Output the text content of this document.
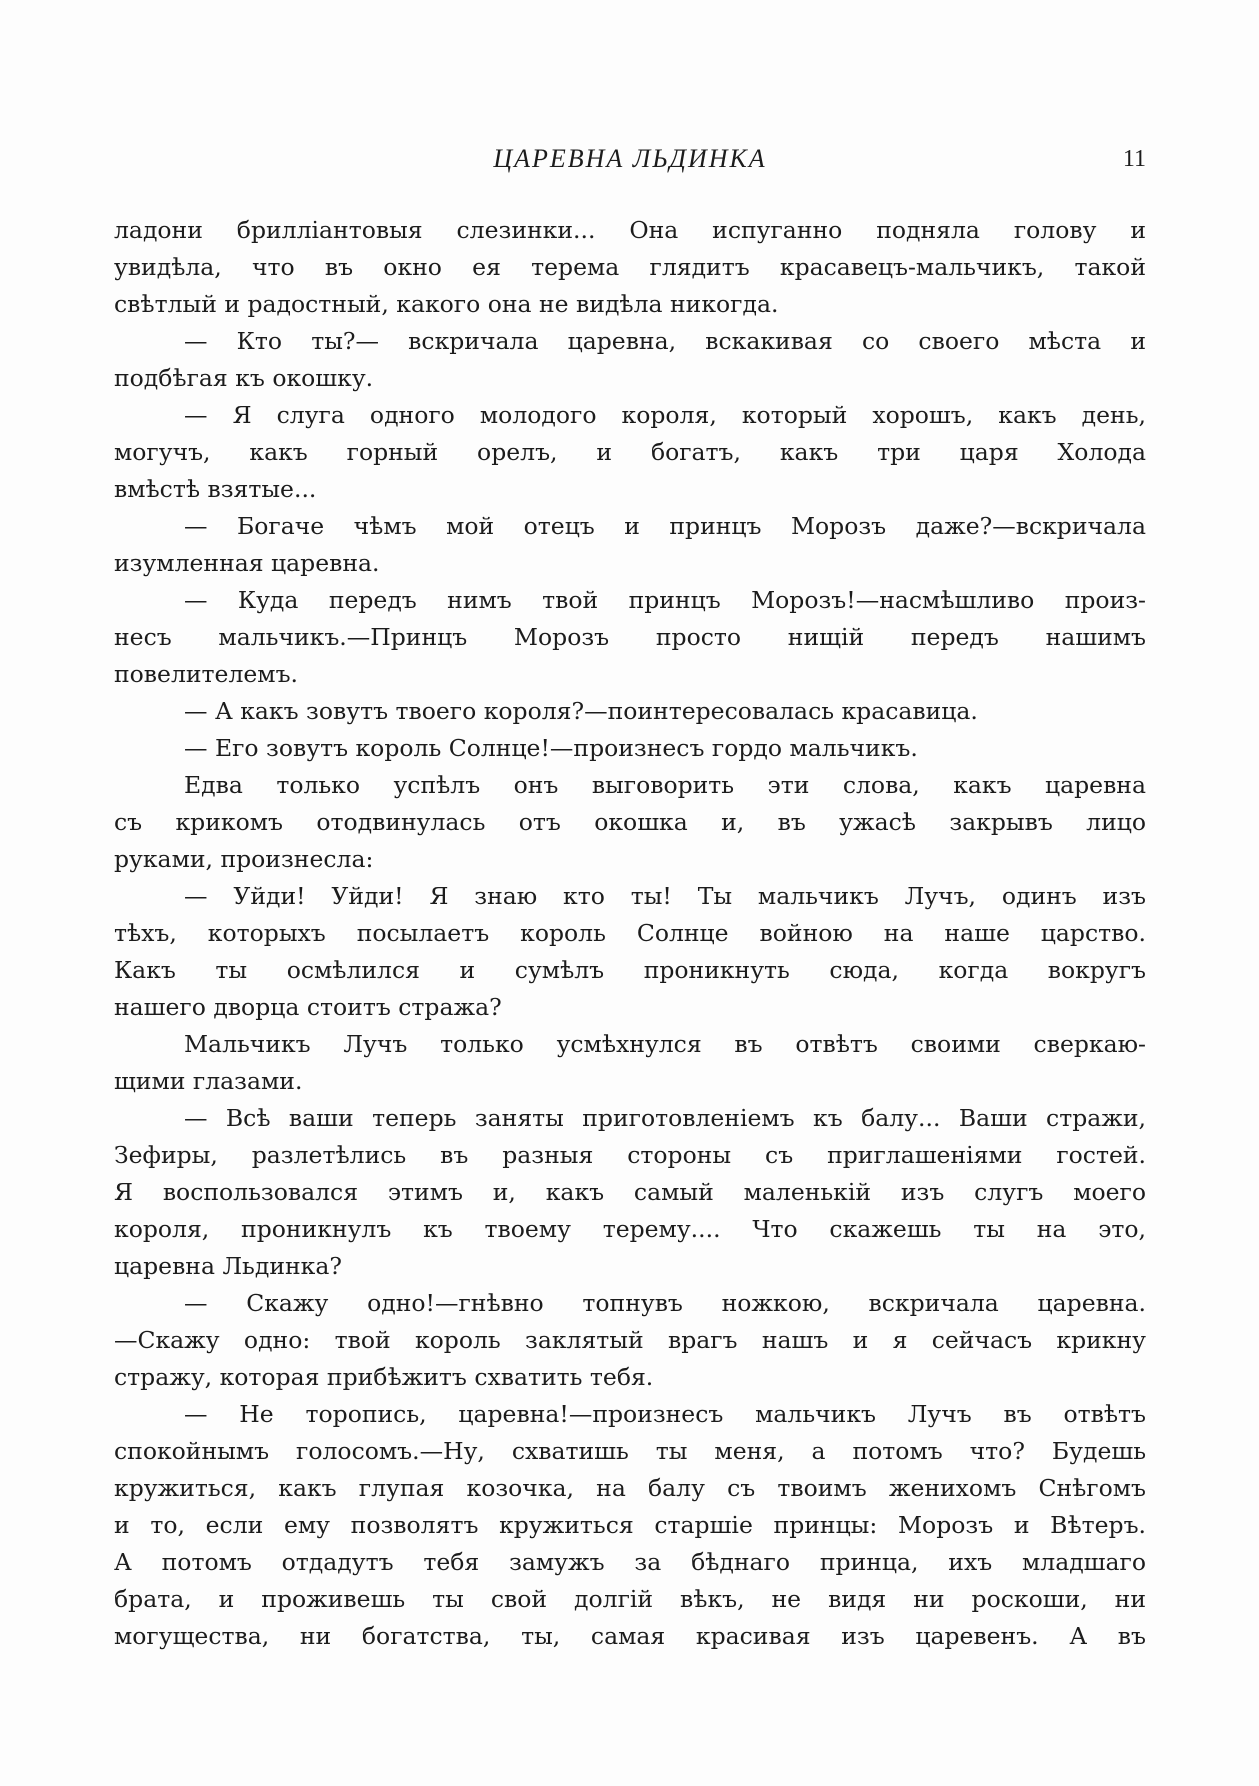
ЦАРЕВНА ЛЬДИНКА	11
ладони бриллiантовыя слезинки... Она испуганно подняла голову и
увидѣла, что въ окно ея терема глядитъ красавецъ-мальчикъ, такой
свѣтлый и радостный, какого она не видѣла никогда.
— Кто ты?— вскричала царевна, вскакивая со своего мѣста и
подбѣгая къ окошку.
— Я слуга одного молодого короля, который хорошъ, какъ день,
могучъ, какъ горный орелъ, и богатъ, какъ три царя Холода
вмѣстѣ взятые...
— Богаче чѣмъ мой отецъ и принцъ Морозъ даже?—вскричала
изумленная царевна.
— Куда передъ нимъ твой принцъ Морозъ!—насмѣшливо произ-
несъ мальчикъ.—Принцъ Морозъ просто нищiй передъ нашимъ
повелителемъ.
— А какъ зовутъ твоего короля?—поинтересовалась красавица.
— Его зовутъ король Солнце!—произнесъ гордо мальчикъ.
Едва только успѣлъ онъ выговорить эти слова, какъ царевна
съ крикомъ отодвинулась отъ окошка и, въ ужасѣ закрывъ лицо
руками, произнесла:
— Уйди! Уйди! Я знаю кто ты! Ты мальчикъ Лучъ, одинъ изъ
тѣхъ, которыхъ посылаетъ король Солнце войною на наше царство.
Какъ ты осмѣлился и сумѣлъ проникнуть сюда, когда вокругъ
нашего дворца стоитъ стража?
Мальчикъ Лучъ только усмѣхнулся въ отвѣтъ своими сверкаю-
щими глазами.
— Всѣ ваши теперь заняты приготовленiемъ къ балу... Ваши стражи,
Зефиры, разлетѣлись въ разныя стороны съ приглашенiями гостей.
Я воспользовался этимъ и, какъ самый маленькiй изъ слугъ моего
короля, проникнулъ къ твоему терему.... Что скажешь ты на это,
царевна Льдинка?
— Скажу одно!—гнѣвно топнувъ ножкою, вскричала царевна.
—Скажу одно: твой король заклятый врагъ нашъ и я сейчасъ крикну
стражу, которая прибѣжитъ схватить тебя.
— Не торопись, царевна!—произнесъ мальчикъ Лучъ въ отвѣтъ
спокойнымъ голосомъ.—Ну, схватишь ты меня, а потомъ что? Будешь
кружиться, какъ глупая козочка, на балу съ твоимъ женихомъ Снѣгомъ
и то, если ему позволятъ кружиться старшiе принцы: Морозъ и Вѣтеръ.
А потомъ отдадутъ тебя замужъ за бѣднаго принца, ихъ младшаго
брата, и проживешь ты свой долгiй вѣкъ, не видя ни роскоши, ни
могущества, ни богатства, ты, самая красивая изъ царевенъ. А въ
